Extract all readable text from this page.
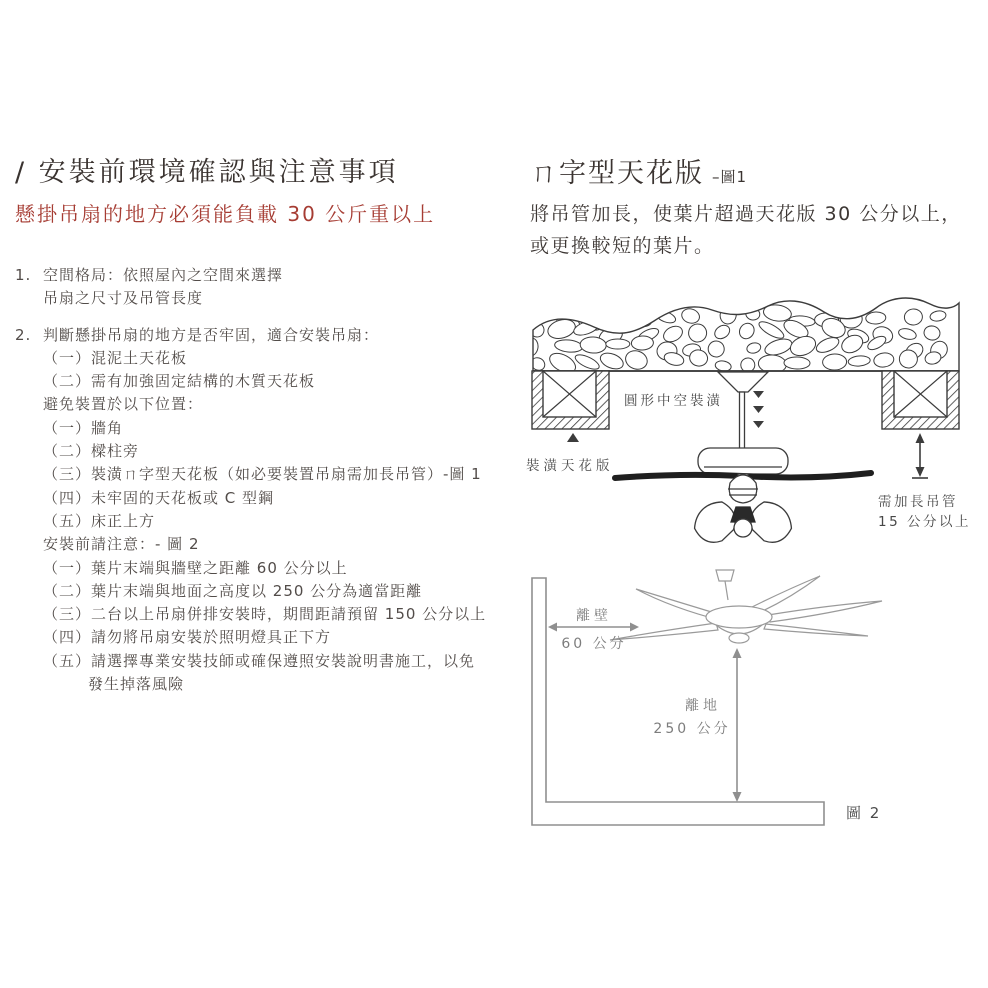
/ 安裝前環境確認與注意事項
懸掛吊扇的地方必須能負載 30 公斤重以上
1. 空間格局：依照屋內之空間來選擇
吊扇之尺寸及吊管長度
2. 判斷懸掛吊扇的地方是否牢固，適合安裝吊扇：
（一）混泥土天花板
（二）需有加強固定結構的木質天花板
避免裝置於以下位置：
（一）牆角
（二）樑柱旁
（三）裝潢ㄇ字型天花板（如必要裝置吊扇需加長吊管）-圖 1
（四）未牢固的天花板或 C 型鋼
（五）床正上方
安裝前請注意：- 圖 2
（一）葉片末端與牆壁之距離 60 公分以上
（二）葉片末端與地面之高度以 250 公分為適當距離
（三）二台以上吊扇併排安裝時，期間距請預留 150 公分以上
（四）請勿將吊扇安裝於照明燈具正下方
（五）請選擇專業安裝技師或確保遵照安裝說明書施工，以免
發生掉落風險
ㄇ字型天花版 –圖1
將吊管加長，使葉片超過天花版 30 公分以上，
或更換較短的葉片。
圓形中空裝潢
裝潢天花版
需加長吊管
15 公分以上
離壁
60 公分
離地
250 公分
圖 2
